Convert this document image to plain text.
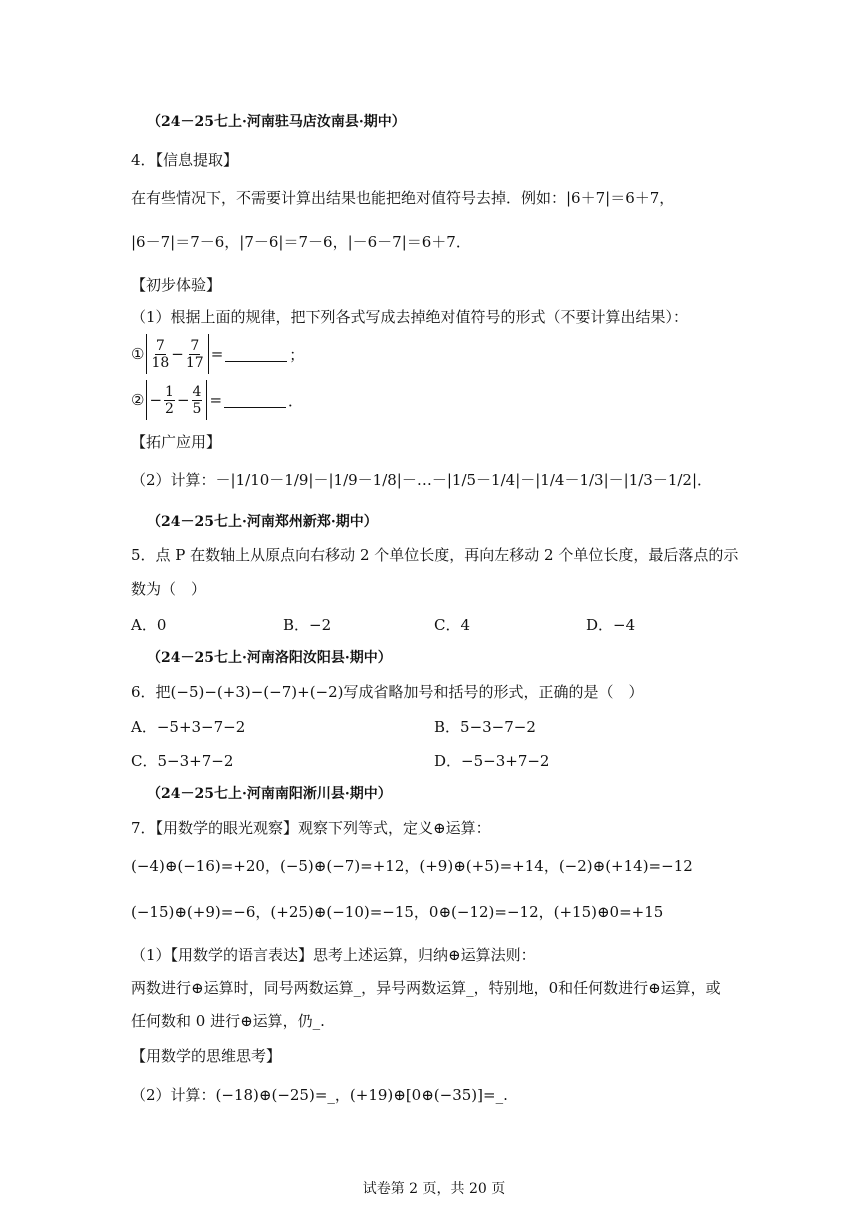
（24－25七上·河南驻马店汝南县·期中）
4．【信息提取】
在有些情况下，不需要计算出结果也能把绝对值符号去掉．例如：|6＋7|＝6＋7，
|6－7|＝7－6，|7－6|＝7－6，|－6－7|＝6＋7．
【初步体验】
（1）根据上面的规律，把下列各式写成去掉绝对值符号的形式（不要计算出结果）：
① $\frac{7}{18} - \frac{7}{17}$ =	；
② − $\frac{1}{2} - \frac{4}{5}$ =	．
【拓广应用】
（2）计算：－|1/10－1/9|－|1/9－1/8|－…－|1/5－1/4|－|1/4－1/3|－|1/3－1/2|．
（24－25七上·河南郑州新郑·期中）
5．点 P 在数轴上从原点向右移动 2 个单位长度，再向左移动 2 个单位长度，最后落点的示
数为（　）
A．0	B．−2	C．4	D．−4
（24－25七上·河南洛阳汝阳县·期中）
6．把(−5)−(+3)−(−7)+(−2)写成省略加号和括号的形式，正确的是（　）
A．−5+3−7−2	B．5−3−7−2
C．5−3+7−2	D．−5−3+7−2
（24－25七上·河南南阳淅川县·期中）
7．【用数学的眼光观察】观察下列等式，定义⊕运算：
(−4)⊕(−16)=+20，(−5)⊕(−7)=+12，(+9)⊕(+5)=+14，(−2)⊕(+14)=−12
(−15)⊕(+9)=−6，(+25)⊕(−10)=−15，0⊕(−12)=−12，(+15)⊕0=+15
（1）【用数学的语言表达】思考上述运算，归纳⊕运算法则：
两数进行⊕运算时，同号两数运算_，异号两数运算_，特别地，0和任何数进行⊕运算，或
任何数和 0 进行⊕运算，仍_.
【用数学的思维思考】
（2）计算：(−18)⊕(−25)=_，(+19)⊕[0⊕(−35)]=_.
试卷第 2 页，共 20 页
